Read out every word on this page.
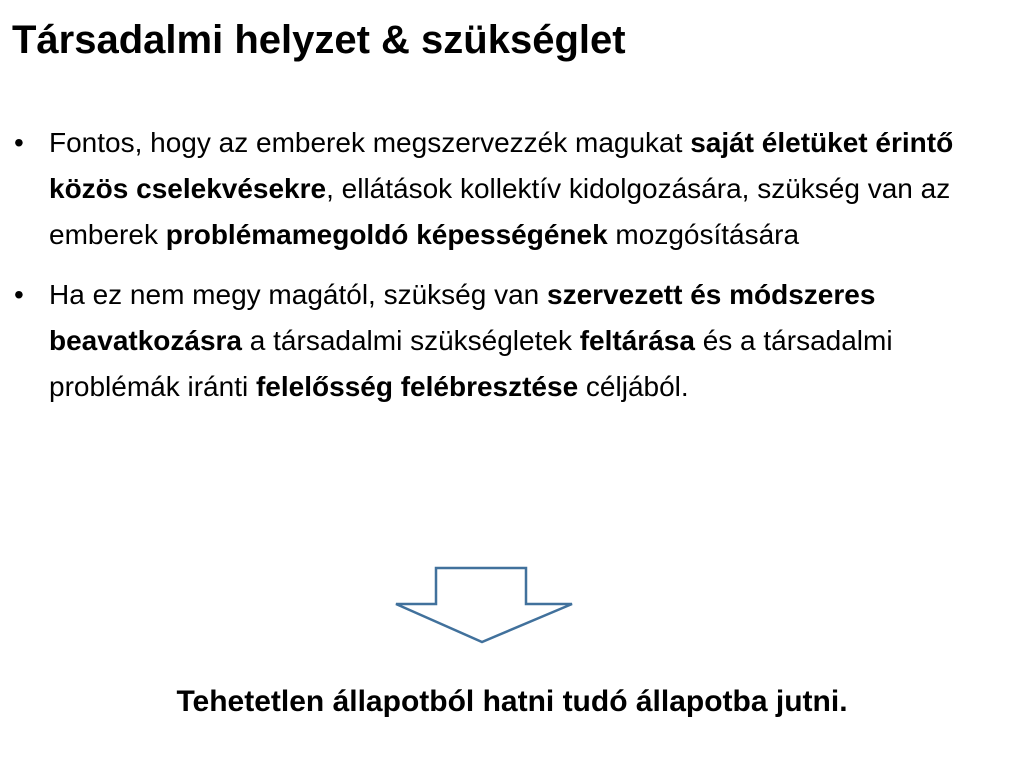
Társadalmi helyzet & szükséglet
• Fontos, hogy az emberek megszervezzék magukat saját életüket érintő közös cselekvésekre, ellátások kollektív kidolgozására, szükség van az emberek problémamegoldó képességének mozgósítására
• Ha ez nem megy magától, szükség van szervezett és módszeres beavatkozásra a társadalmi szükségletek feltárása és a társadalmi problémák iránti felelősség felébresztése céljából.

Tehetetlen állapotból hatni tudó állapotba jutni.
